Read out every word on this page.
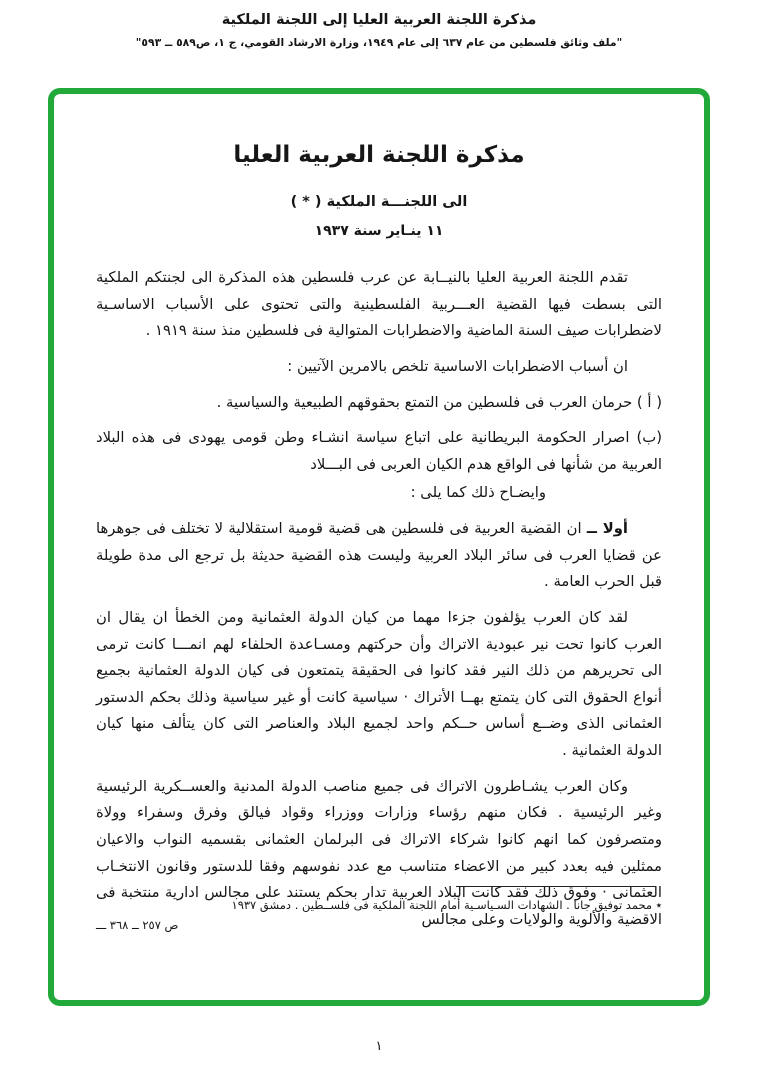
مذكرة اللجنة العربية العليا إلى اللجنة الملكية
"ملف وثائق فلسطين من عام ٦٣٧ إلى عام ١٩٤٩، وزارة الارشاد القومي، ج ١، ص٥٨٩ ــ ٥٩٣"
مذكرة اللجنة العربية العليا
الى اللجنـــة الملكية ( * )
١١ ينـاير سنة ١٩٣٧
تقدم اللجنة العربية العليا بالنيــابة عن عرب فلسطين هذه المذكرة الى لجنتكم الملكية التى بسطت فيها القضية العـــربية الفلسطينية والتى تحتوى على الأسباب الاساسـية لاضطرابات صيف السنة الماضية والاضطرابات المتوالية فى فلسطين منذ سنة ١٩١٩ .
ان أسباب الاضطرابات الاساسية تلخص بالامرين الآتيين :
( أ ) حرمان العرب فى فلسطين من التمتع بحقوقهم الطبيعية والسياسية .
(ب) اصرار الحكومة البريطانية على اتباع سياسة انشـاء وطن قومى يهودى فى هذه البلاد العربية من شأنها فى الواقع هدم الكيان العربى فى البـــلاد
وايضـاح ذلك كما يلى :
أولا ــ ان القضية العربية فى فلسطين هى قضية قومية استقلالية لا تختلف فى جوهرها عن قضايا العرب فى سائر البلاد العربية وليست هذه القضية حديثة بل ترجع الى مدة طويلة قبل الحرب العامة .
لقد كان العرب يؤلفون جزءا مهما من كيان الدولة العثمانية ومن الخطأ ان يقال ان العرب كانوا تحت نير عبودية الاتراك وأن حركتهم ومسـاعدة الحلفاء لهم انمـــا كانت ترمى الى تحريرهم من ذلك النير فقد كانوا فى الحقيقة يتمتعون فى كيان الدولة العثمانية بجميع أنواع الحقوق التى كان يتمتع بهــا الأتراك · سياسية كانت أو غير سياسية وذلك بحكم الدستور العثمانى الذى وضــع أساس حــكم واحد لجميع البلاد والعناصر التى كان يتألف منها كيان الدولة العثمانية .
وكان العرب يشـاطرون الاتراك فى جميع مناصب الدولة المدنية والعســكرية الرئيسية وغير الرئيسية . فكان منهم رؤساء وزارات ووزراء وقواد فيالق وفرق وسفراء وولاة ومتصرفون كما انهم كانوا شركاء الاتراك فى البرلمان العثمانى بقسميه النواب والاعيان ممثلين فيه بعدد كبير من الاعضاء متناسب مع عدد نفوسهم وفقا للدستور وقانون الانتخـاب العثمانى · وفوق ذلك فقد كانت البلاد العربية تدار بحكم يستند على مجالس ادارية منتخبة فى الاقضية والألوية والولايات وعلى مجالس
٭ محمد توفيق جانا . الشهادات السـياسـية أمام اللجنة الملكية فى فلســطين . دمشق ١٩٣٧
ص ٢٥٧ ــ ٣٦٨ ـــ
١
